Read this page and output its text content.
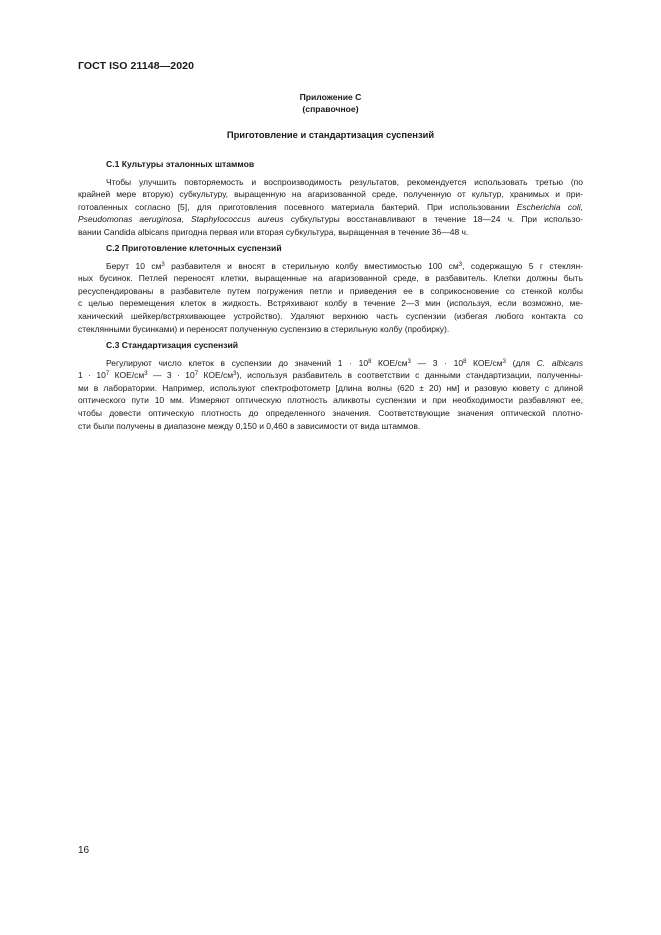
ГОСТ ISO 21148—2020
Приложение C
(справочное)
Приготовление и стандартизация суспензий
C.1 Культуры эталонных штаммов
Чтобы улучшить повторяемость и воспроизводимость результатов, рекомендуется использовать третью (по
крайней мере вторую) субкультуру, выращенную на агаризованной среде, полученную от культур, хранимых и при-
готовленных согласно [5], для приготовления посевного материала бактерий. При использовании Escherichia coli,
Pseudomonas aeruginosa, Staphylococcus aureus субкультуры восстанавливают в течение 18—24 ч. При использо-
вании Candida albicans пригодна первая или вторая субкультура, выращенная в течение 36—48 ч.
C.2 Приготовление клеточных суспензий
Берут 10 $см^3$ разбавителя и вносят в стерильную колбу вместимостью 100 $см^3$, содержащую 5 г стеклян-
ных бусинок. Петлей переносят клетки, выращенные на агаризованной среде, в разбавитель. Клетки должны быть
ресуспендированы в разбавителе путем погружения петли и приведения ее в соприкосновение со стенкой колбы
с целью перемещения клеток в жидкость. Встряхивают колбу в течение 2—3 мин (используя, если возможно, ме-
ханический шейкер/встряхивающее устройство). Удаляют верхнюю часть суспензии (избегая любого контакта со
стеклянными бусинками) и переносят полученную суспензию в стерильную колбу (пробирку).
C.3 Стандартизация суспензий
Регулируют число клеток в суспензии до значений $1 \cdot 10^8$ КОЕ/$см^3$ — $3 \cdot 10^8$ КОЕ/$см^3$ (для C. albicans
$1 \cdot 10^7$ КОЕ/$см^3$ — $3 \cdot 10^7$ КОЕ/$см^3$), используя разбавитель в соответствии с данными стандартизации, полученны-
ми в лаборатории. Например, используют спектрофотометр [длина волны (620 ± 20) нм] и разовую кювету с длиной
оптического пути 10 мм. Измеряют оптическую плотность аликвоты суспензии и при необходимости разбавляют ее,
чтобы довести оптическую плотность до определенного значения. Соответствующие значения оптической плотно-
сти были получены в диапазоне между 0,150 и 0,460 в зависимости от вида штаммов.
16
